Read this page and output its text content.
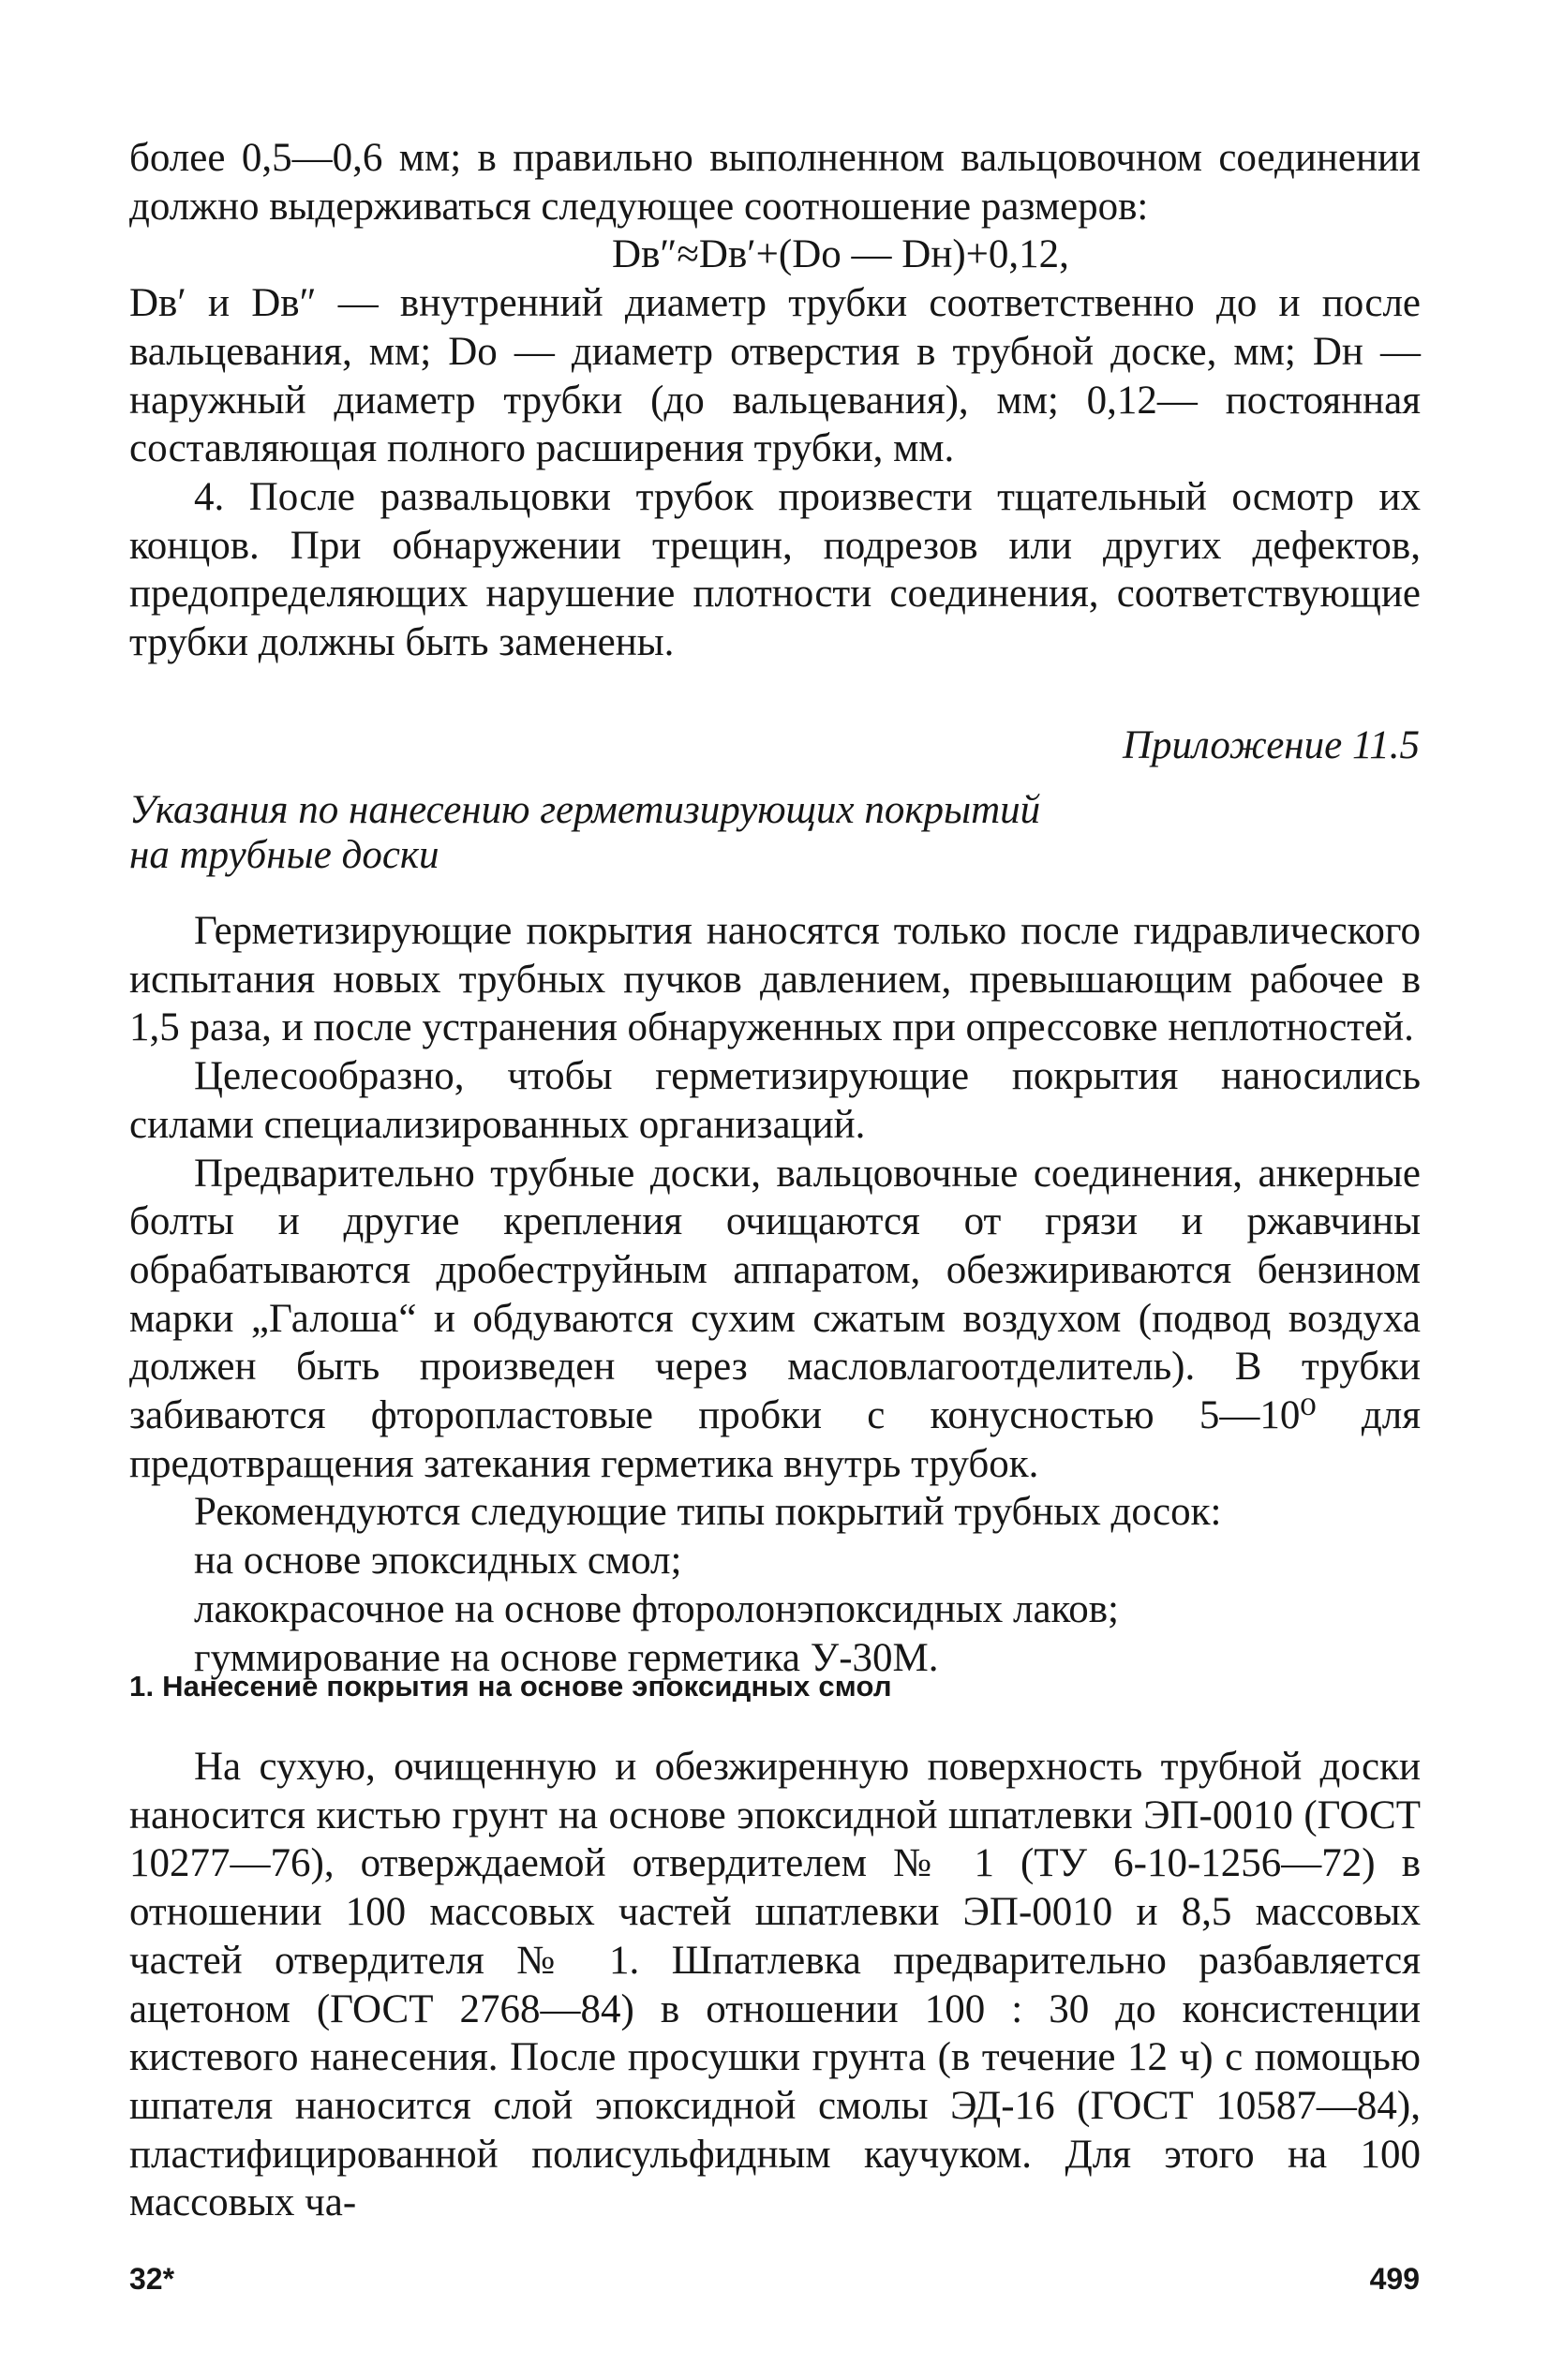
более 0,5—0,6 мм; в правильно выполненном вальцовочном соединении должно выдерживаться следующее соотношение размеров:

Dв″≈Dв′+(Dо — Dн)+0,12,

Dв′ и Dв″ — внутренний диаметр трубки соответственно до и после вальцевания, мм; Dо — диаметр отверстия в трубной доске, мм; Dн — наружный диаметр трубки (до вальцевания), мм; 0,12— постоянная составляющая полного расширения трубки, мм.

4. После развальцовки трубок произвести тщательный осмотр их концов. При обнаружении трещин, подрезов или других дефектов, предопределяющих нарушение плотности соединения, соответствующие трубки должны быть заменены.

Приложение 11.5
Указания по нанесению герметизирующих покрытий
на трубные доски

Герметизирующие покрытия наносятся только после гидравлического испытания новых трубных пучков давлением, превышающим рабочее в 1,5 раза, и после устранения обнаруженных при опрессовке неплотностей.

Целесообразно, чтобы герметизирующие покрытия наносились силами специализированных организаций.

Предварительно трубные доски, вальцовочные соединения, анкерные болты и другие крепления очищаются от грязи и ржавчины обрабатываются дробеструйным аппаратом, обезжириваются бензином марки „Галоша“ и обдуваются сухим сжатым воздухом (подвод воздуха должен быть произведен через масловлагоотделитель). В трубки забиваются фторопластовые пробки с конусностью 5—10⁰ для предотвращения затекания герметика внутрь трубок.

Рекомендуются следующие типы покрытий трубных досок:

на основе эпоксидных смол;

лакокрасочное на основе фторолонэпоксидных лаков;

гуммирование на основе герметика У-30М.

1. Нанесение покрытия на основе эпоксидных смол

На сухую, очищенную и обезжиренную поверхность трубной доски наносится кистью грунт на основе эпоксидной шпатлевки ЭП-0010 (ГОСТ 10277—76), отверждаемой отвердителем № 1 (ТУ 6-10-1256—72) в отношении 100 массовых частей шпатлевки ЭП-0010 и 8,5 массовых частей отвердителя № 1. Шпатлевка предварительно разбавляется ацетоном (ГОСТ 2768—84) в отношении 100 : 30 до консистенции кистевого нанесения. После просушки грунта (в течение 12 ч) с помощью шпателя наносится слой эпоксидной смолы ЭД-16 (ГОСТ 10587—84), пластифицированной полисульфидным каучуком. Для этого на 100 массовых ча-

32*	499
